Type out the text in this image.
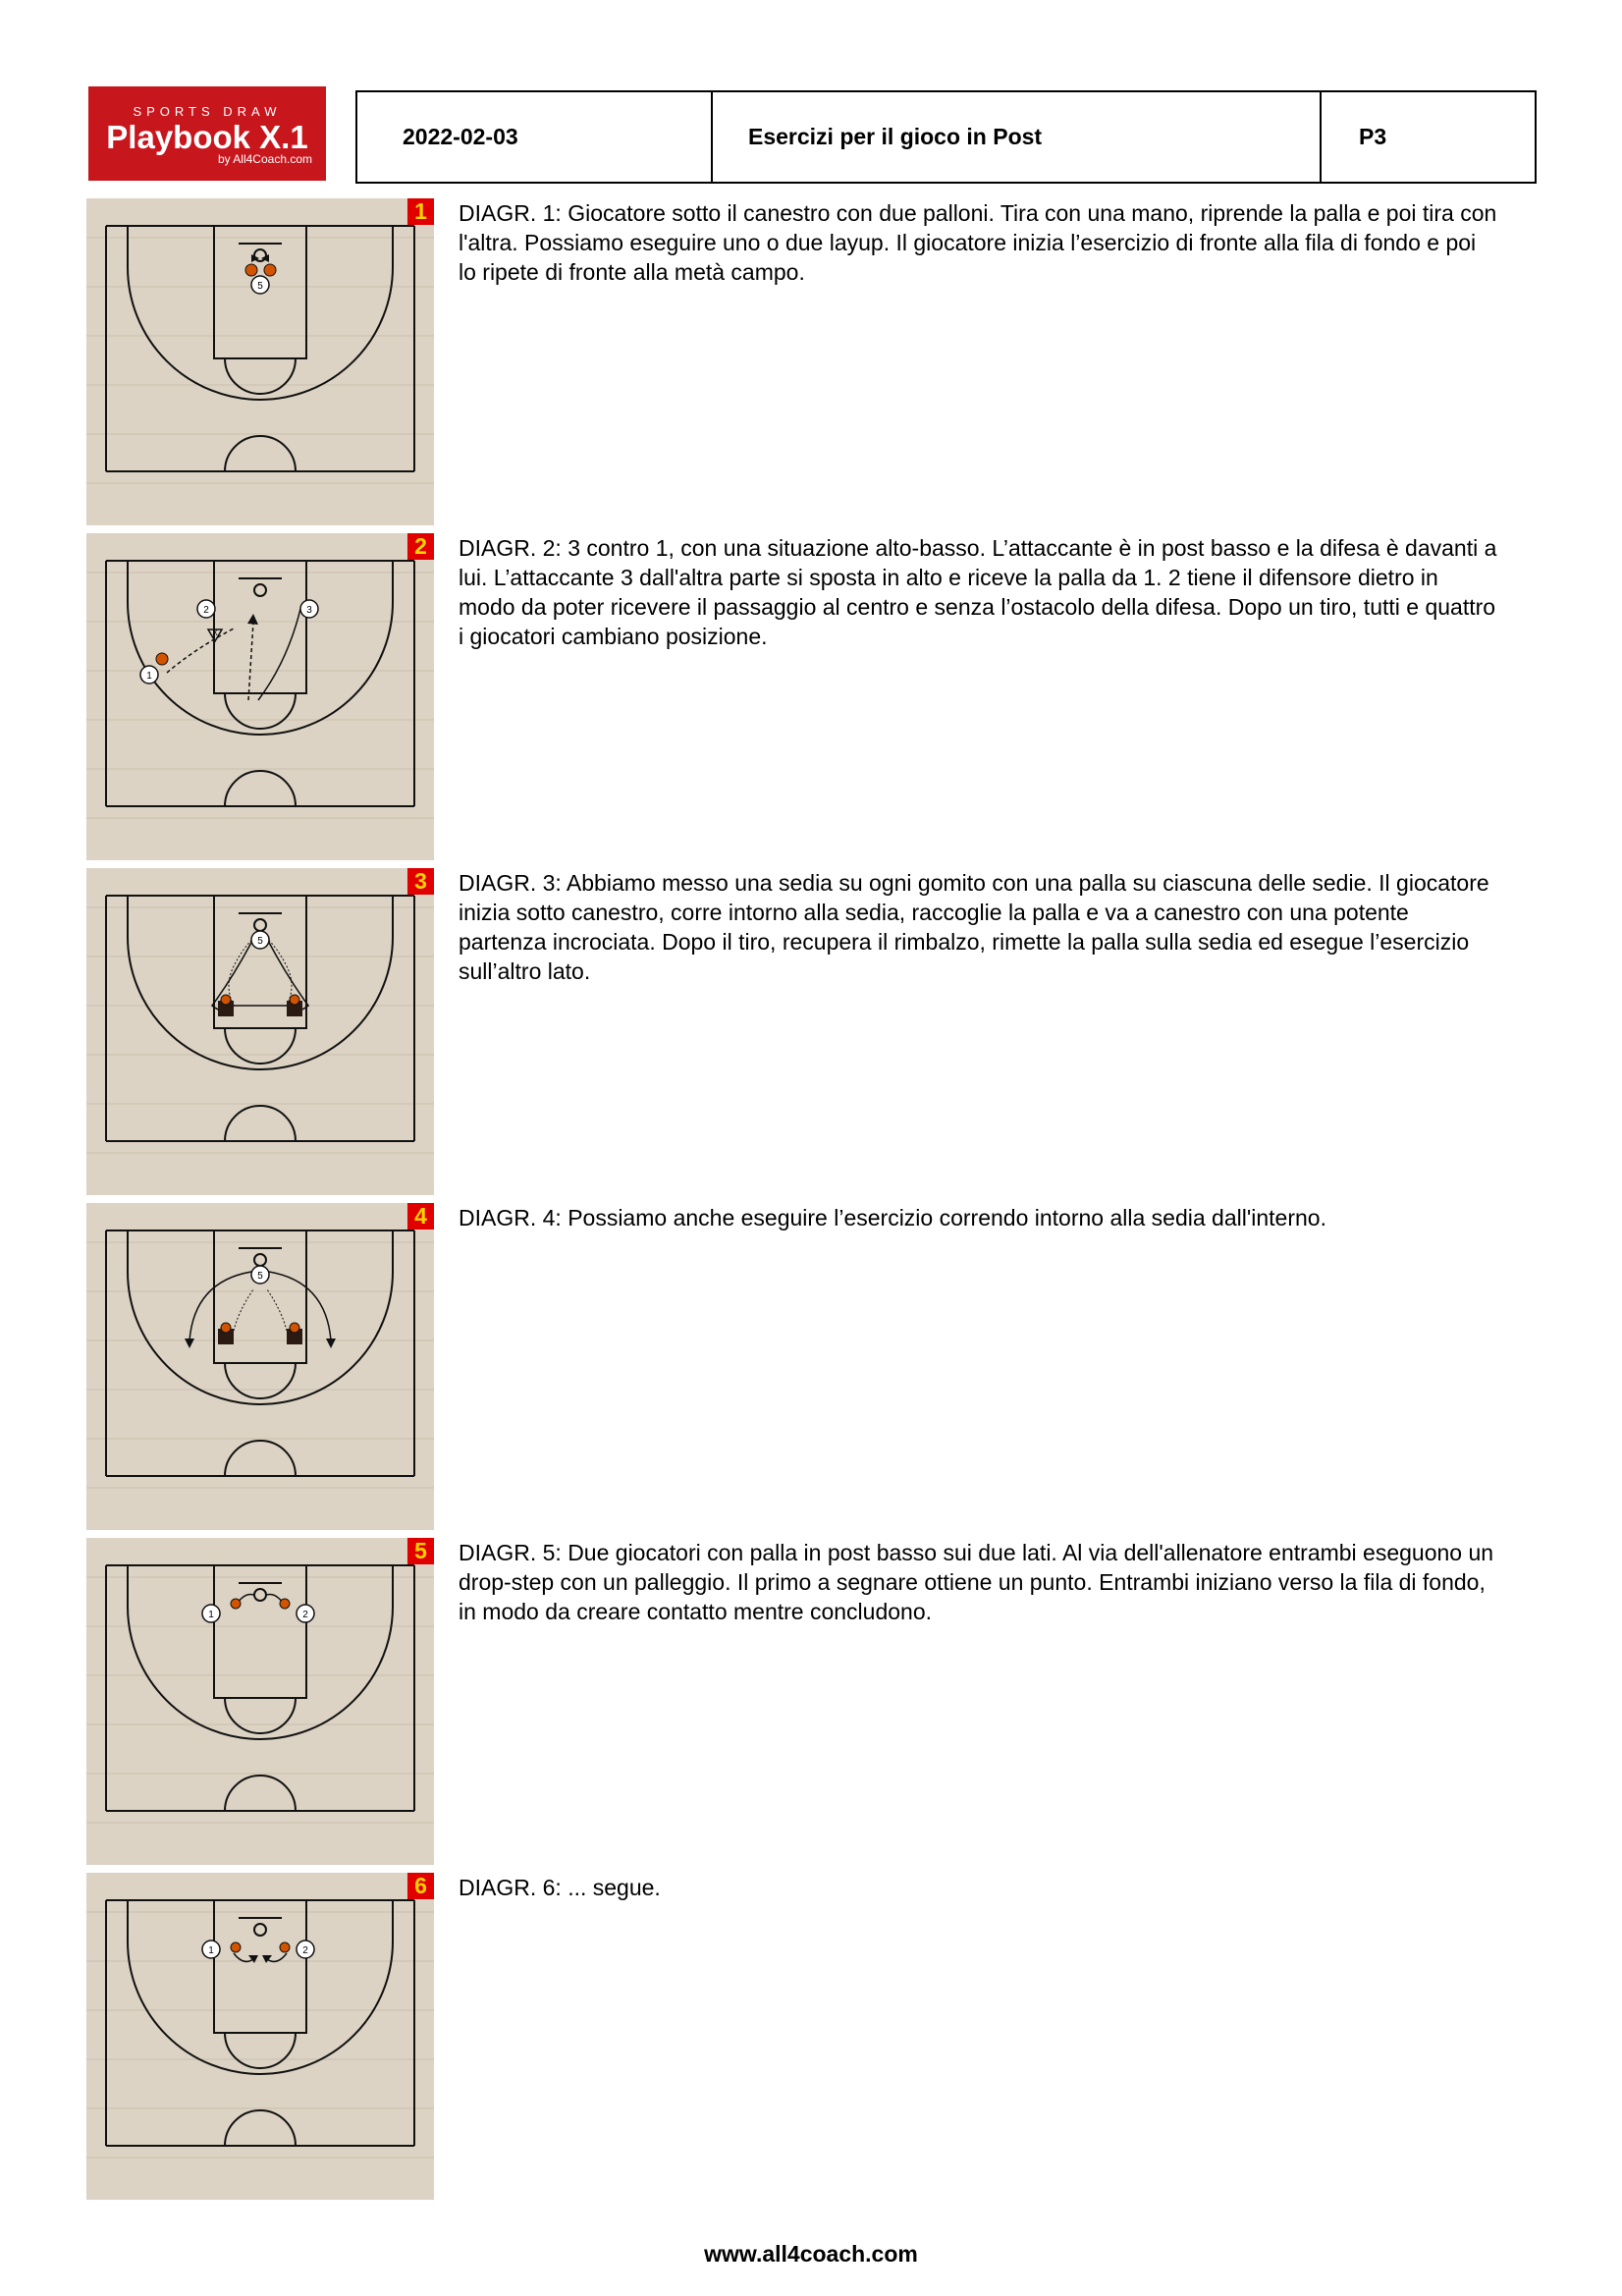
SPORTS DRAW
Playbook X.1
by All4Coach.com
2022-02-03	Esercizi per il gioco in Post	P3
5
1	DIAGR. 1: Giocatore sotto il canestro con due palloni. Tira con una mano, riprende la palla e poi tira con l'altra. Possiamo eseguire uno o due layup. Il giocatore inizia l’esercizio di fronte alla fila di fondo e poi lo ripete di fronte alla metà campo.
X
1
2	3
2	DIAGR. 2: 3 contro 1, con una situazione alto-basso. L’attaccante è in post basso e la difesa è davanti a lui. L’attaccante 3 dall'altra parte si sposta in alto e riceve la palla da 1. 2 tiene il difensore dietro in modo da poter ricevere il passaggio al centro e senza l’ostacolo della difesa. Dopo un tiro, tutti e quattro i giocatori cambiano posizione.
5
3	DIAGR. 3: Abbiamo messo una sedia su ogni gomito con una palla su ciascuna delle sedie. Il giocatore inizia sotto canestro, corre intorno alla sedia, raccoglie la palla e va a canestro con una potente partenza incrociata. Dopo il tiro, recupera il rimbalzo, rimette la palla sulla sedia ed esegue l’esercizio sull’altro lato.
5
4	DIAGR. 4: Possiamo anche eseguire l’esercizio correndo intorno alla sedia dall'interno.
1	2
5	DIAGR. 5: Due giocatori con palla in post basso sui due lati. Al via dell'allenatore entrambi eseguono un drop-step con un palleggio. Il primo a segnare ottiene un punto. Entrambi iniziano verso la fila di fondo, in modo da creare contatto mentre concludono.
1	2
6	DIAGR. 6: ... segue.
www.all4coach.com
